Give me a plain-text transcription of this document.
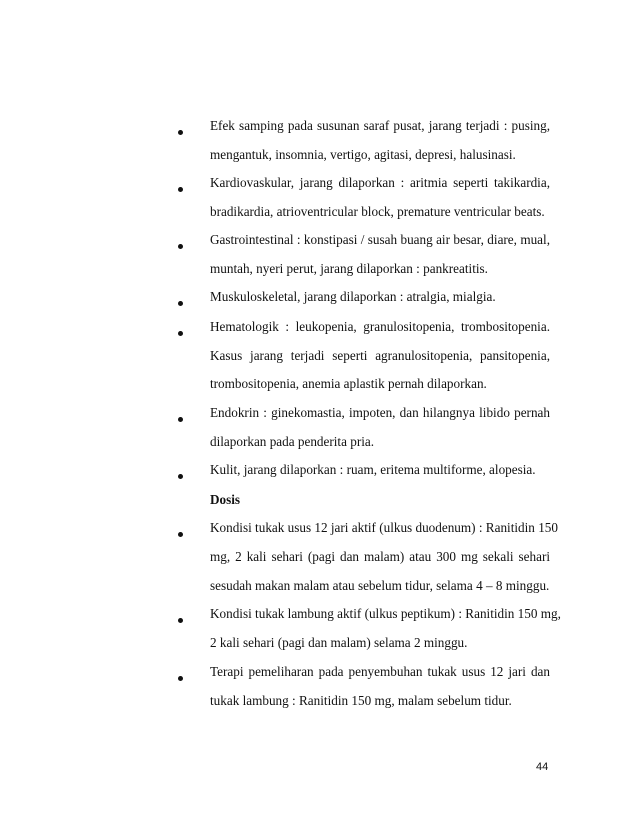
Efek samping pada susunan saraf pusat, jarang terjadi : pusing,
mengantuk, insomnia, vertigo, agitasi, depresi, halusinasi.
Kardiovaskular, jarang dilaporkan : aritmia seperti takikardia,
bradikardia, atrioventricular block, premature ventricular beats.
Gastrointestinal : konstipasi / susah buang air besar, diare, mual,
muntah, nyeri perut, jarang dilaporkan : pankreatitis.
Muskuloskeletal, jarang dilaporkan : atralgia, mialgia.
Hematologik : leukopenia, granulositopenia, trombositopenia.
Kasus jarang terjadi seperti agranulositopenia, pansitopenia,
trombositopenia, anemia aplastik pernah dilaporkan.
Endokrin : ginekomastia, impoten, dan hilangnya libido pernah
dilaporkan pada penderita pria.
Kulit, jarang dilaporkan : ruam, eritema multiforme, alopesia.
Dosis
Kondisi tukak usus 12 jari aktif (ulkus duodenum) : Ranitidin 150
mg, 2 kali sehari (pagi dan malam) atau 300 mg sekali sehari
sesudah makan malam atau sebelum tidur, selama 4 – 8 minggu.
Kondisi tukak lambung aktif (ulkus peptikum) : Ranitidin 150 mg,
2 kali sehari (pagi dan malam) selama 2 minggu.
Terapi pemeliharan pada penyembuhan tukak usus 12 jari dan
tukak lambung : Ranitidin 150 mg, malam sebelum tidur.
44
